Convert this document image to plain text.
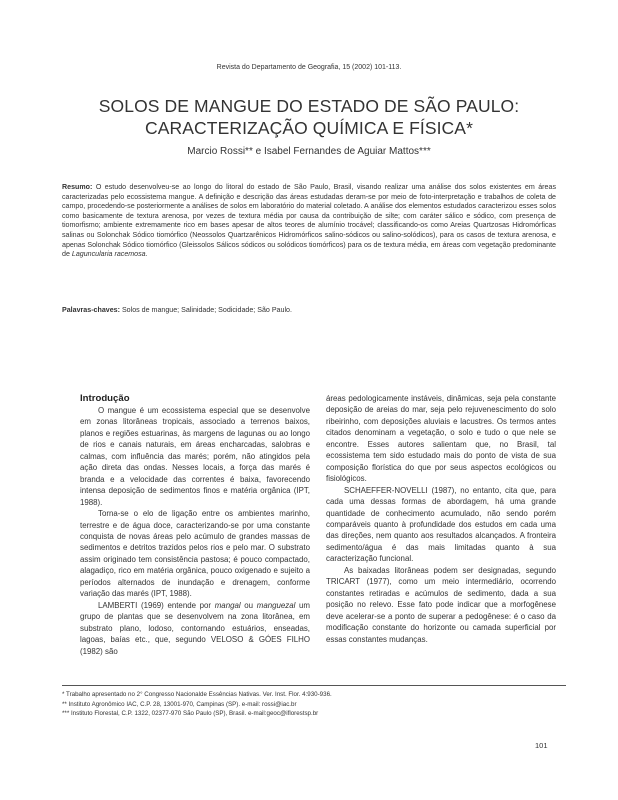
Revista do Departamento de Geografia, 15 (2002) 101-113.
SOLOS DE MANGUE DO ESTADO DE SÃO PAULO:
CARACTERIZAÇÃO QUÍMICA E FÍSICA*
Marcio Rossi** e Isabel Fernandes de Aguiar Mattos***
Resumo: O estudo desenvolveu-se ao longo do litoral do estado de São Paulo, Brasil, visando realizar uma análise dos solos existentes em áreas caracterizadas pelo ecossistema mangue. A definição e descrição das áreas estudadas deram-se por meio de foto-interpretação e trabalhos de coleta de campo, procedendo-se posteriormente a análises de solos em laboratório do material coletado. A análise dos elementos estudados caracterizou esses solos como basicamente de textura arenosa, por vezes de textura média por causa da contribuição de silte; com caráter sálico e sódico, com presença de tiomorfismo; ambiente extremamente rico em bases apesar de altos teores de alumínio trocável; classificando-os como Areias Quartzosas Hidromórficas salinas ou Solonchak Sódico tiomórfico (Neossolos Quartzarênicos Hidromórficos salino-sódicos ou salino-solódicos), para os casos de textura arenosa, e apenas Solonchak Sódico tiomórfico (Gleissolos Sálicos sódicos ou solódicos tiomórficos) para os de textura média, em áreas com vegetação predominante de Laguncularia racemosa.
Palavras-chaves: Solos de mangue; Salinidade; Sodicidade; São Paulo.
Introdução

O mangue é um ecossistema especial que se desenvolve em zonas litorâneas tropicais, associado a terrenos baixos, planos e regiões estuarinas, às margens de lagunas ou ao longo de rios e canais naturais, em áreas encharcadas, salobras e calmas, com influência das marés; porém, não atingidos pela ação direta das ondas. Nesses locais, a força das marés é branda e a velocidade das correntes é baixa, favorecendo intensa deposição de sedimentos finos e matéria orgânica (IPT, 1988).

Torna-se o elo de ligação entre os ambientes marinho, terrestre e de água doce, caracterizando-se por uma constante conquista de novas áreas pelo acúmulo de grandes massas de sedimentos e detritos trazidos pelos rios e pelo mar. O substrato assim originado tem consistência pastosa; é pouco compactado, alagadiço, rico em matéria orgânica, pouco oxigenado e sujeito a períodos alternados de inundação e drenagem, conforme variação das marés (IPT, 1988).

LAMBERTI (1969) entende por mangal ou manguezal um grupo de plantas que se desenvolvem na zona litorânea, em substrato plano, lodoso, contornando estuários, enseadas, lagoas, baías etc., que, segundo VELOSO & GÓES FILHO (1982) são

áreas pedologicamente instáveis, dinâmicas, seja pela constante deposição de areias do mar, seja pelo rejuvenescimento do solo ribeirinho, com deposições aluviais e lacustres. Os termos antes citados denominam a vegetação, o solo e tudo o que nele se encontre. Esses autores salientam que, no Brasil, tal ecossistema tem sido estudado mais do ponto de vista de sua composição florística do que por seus aspectos ecológicos ou fisiológicos.

SCHAEFFER-NOVELLI (1987), no entanto, cita que, para cada uma dessas formas de abordagem, há uma grande quantidade de conhecimento acumulado, não sendo porém comparáveis quanto à profundidade dos estudos em cada uma das direções, nem quanto aos resultados alcançados. A fronteira sedimento/água é das mais limitadas quanto à sua caracterização funcional.

As baixadas litorâneas podem ser designadas, segundo TRICART (1977), como um meio intermediário, ocorrendo constantes retiradas e acúmulos de sedimento, dada a sua posição no relevo. Esse fato pode indicar que a morfogênese deve acelerar-se a ponto de superar a pedogênese: é o caso da modificação constante do horizonte ou camada superficial por essas constantes mudanças.

* Trabalho apresentado no 2° Congresso Nacionalde Essências Nativas. Ver. Inst. Flor. 4:930-936.
** Instituto Agronômico IAC, C.P. 28, 13001-970, Campinas (SP). e-mail: rossi@iac.br
*** Instituto Florestal, C.P. 1322, 02377-970 São Paulo (SP), Brasil. e-mail:geoc@iflorestsp.br
101
